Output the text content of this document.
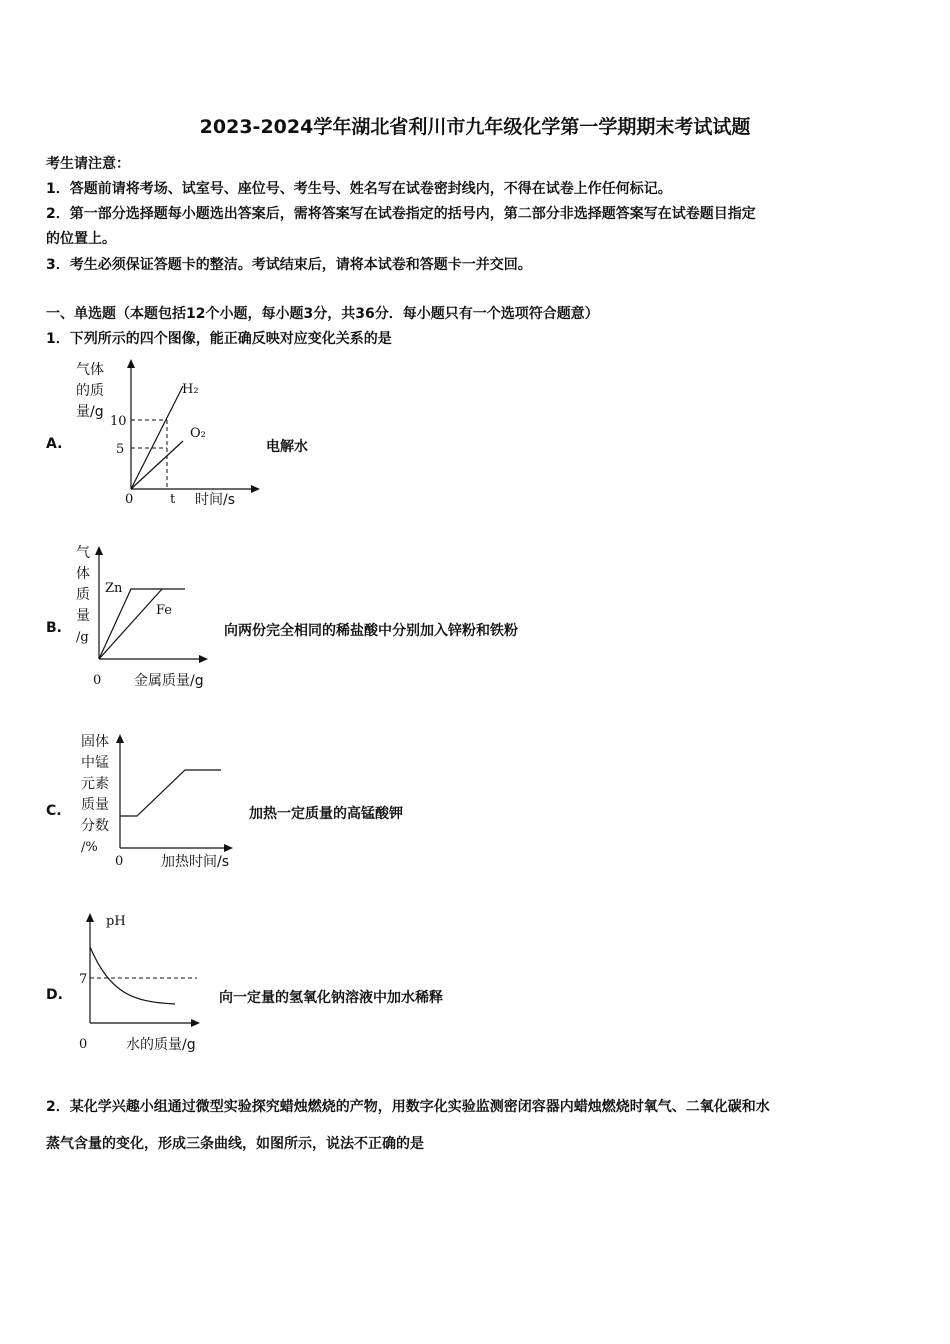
2023-2024学年湖北省利川市九年级化学第一学期期末考试试题
考生请注意：
1．答题前请将考场、试室号、座位号、考生号、姓名写在试卷密封线内，不得在试卷上作任何标记。
2．第一部分选择题每小题选出答案后，需将答案写在试卷指定的括号内，第二部分非选择题答案写在试卷题目指定
的位置上。
3．考生必须保证答题卡的整洁。考试结束后，请将本试卷和答题卡一并交回。
一、单选题（本题包括12个小题，每小题3分，共36分．每小题只有一个选项符合题意）
1．下列所示的四个图像，能正确反映对应变化关系的是
A.
气体
的质
量/g
10
5
0	t 时间/s
H₂
O₂
电解水
B.
气
体
质
量
/g
Zn
Fe
0 金属质量/g
向两份完全相同的稀盐酸中分别加入锌粉和铁粉
C.
固体
中锰
元素
质量
分数
/%
0	加热时间/s
加热一定质量的高锰酸钾
D.
pH
7
0	水的质量/g
向一定量的氢氧化钠溶液中加水稀释
2．某化学兴趣小组通过微型实验探究蜡烛燃烧的产物，用数字化实验监测密闭容器内蜡烛燃烧时氧气、二氧化碳和水
蒸气含量的变化，形成三条曲线，如图所示，说法不正确的是
